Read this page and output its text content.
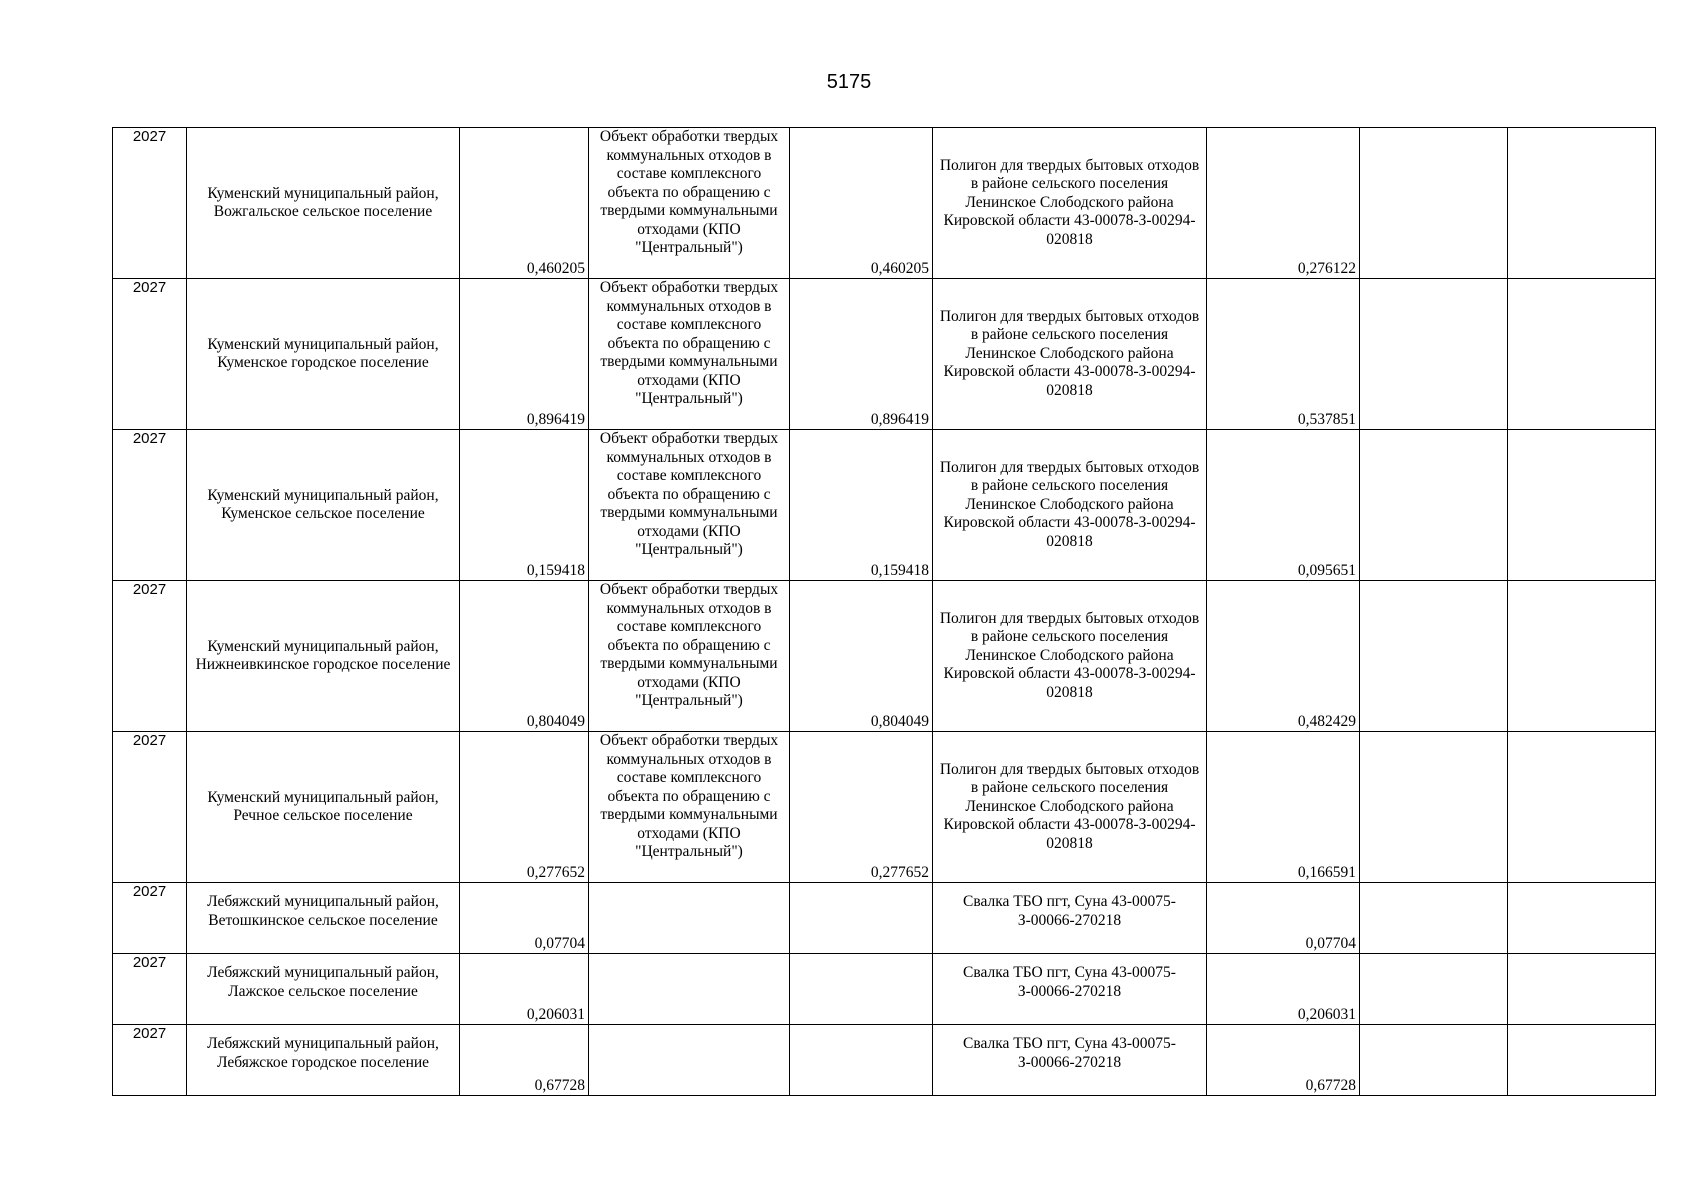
5175
2027	Куменский муниципальный район, Вожгальское сельское поселение	0,460205	Объект обработки твердых коммунальных отходов в составе комплексного объекта по обращению с твердыми коммунальными отходами (КПО "Центральный")	0,460205	Полигон для твердых бытовых отходов в районе сельского поселения Ленинское Слободского района Кировской области 43-00078-З-00294-020818	0,276122		
2027	Куменский муниципальный район, Куменское городское поселение	0,896419	Объект обработки твердых коммунальных отходов в составе комплексного объекта по обращению с твердыми коммунальными отходами (КПО "Центральный")	0,896419	Полигон для твердых бытовых отходов в районе сельского поселения Ленинское Слободского района Кировской области 43-00078-З-00294-020818	0,537851		
2027	Куменский муниципальный район, Куменское сельское поселение	0,159418	Объект обработки твердых коммунальных отходов в составе комплексного объекта по обращению с твердыми коммунальными отходами (КПО "Центральный")	0,159418	Полигон для твердых бытовых отходов в районе сельского поселения Ленинское Слободского района Кировской области 43-00078-З-00294-020818	0,095651		
2027	Куменский муниципальный район, Нижнеивкинское городское поселение	0,804049	Объект обработки твердых коммунальных отходов в составе комплексного объекта по обращению с твердыми коммунальными отходами (КПО "Центральный")	0,804049	Полигон для твердых бытовых отходов в районе сельского поселения Ленинское Слободского района Кировской области 43-00078-З-00294-020818	0,482429		
2027	Куменский муниципальный район, Речное сельское поселение	0,277652	Объект обработки твердых коммунальных отходов в составе комплексного объекта по обращению с твердыми коммунальными отходами (КПО "Центральный")	0,277652	Полигон для твердых бытовых отходов в районе сельского поселения Ленинское Слободского района Кировской области 43-00078-З-00294-020818	0,166591		
2027	Лебяжский муниципальный район, Ветошкинское сельское поселение	0,07704			Свалка ТБО пгт, Суна 43-00075-З-00066-270218	0,07704		
2027	Лебяжский муниципальный район, Лажское сельское поселение	0,206031			Свалка ТБО пгт, Суна 43-00075-З-00066-270218	0,206031		
2027	Лебяжский муниципальный район, Лебяжское городское поселение	0,67728			Свалка ТБО пгт, Суна 43-00075-З-00066-270218	0,67728		
